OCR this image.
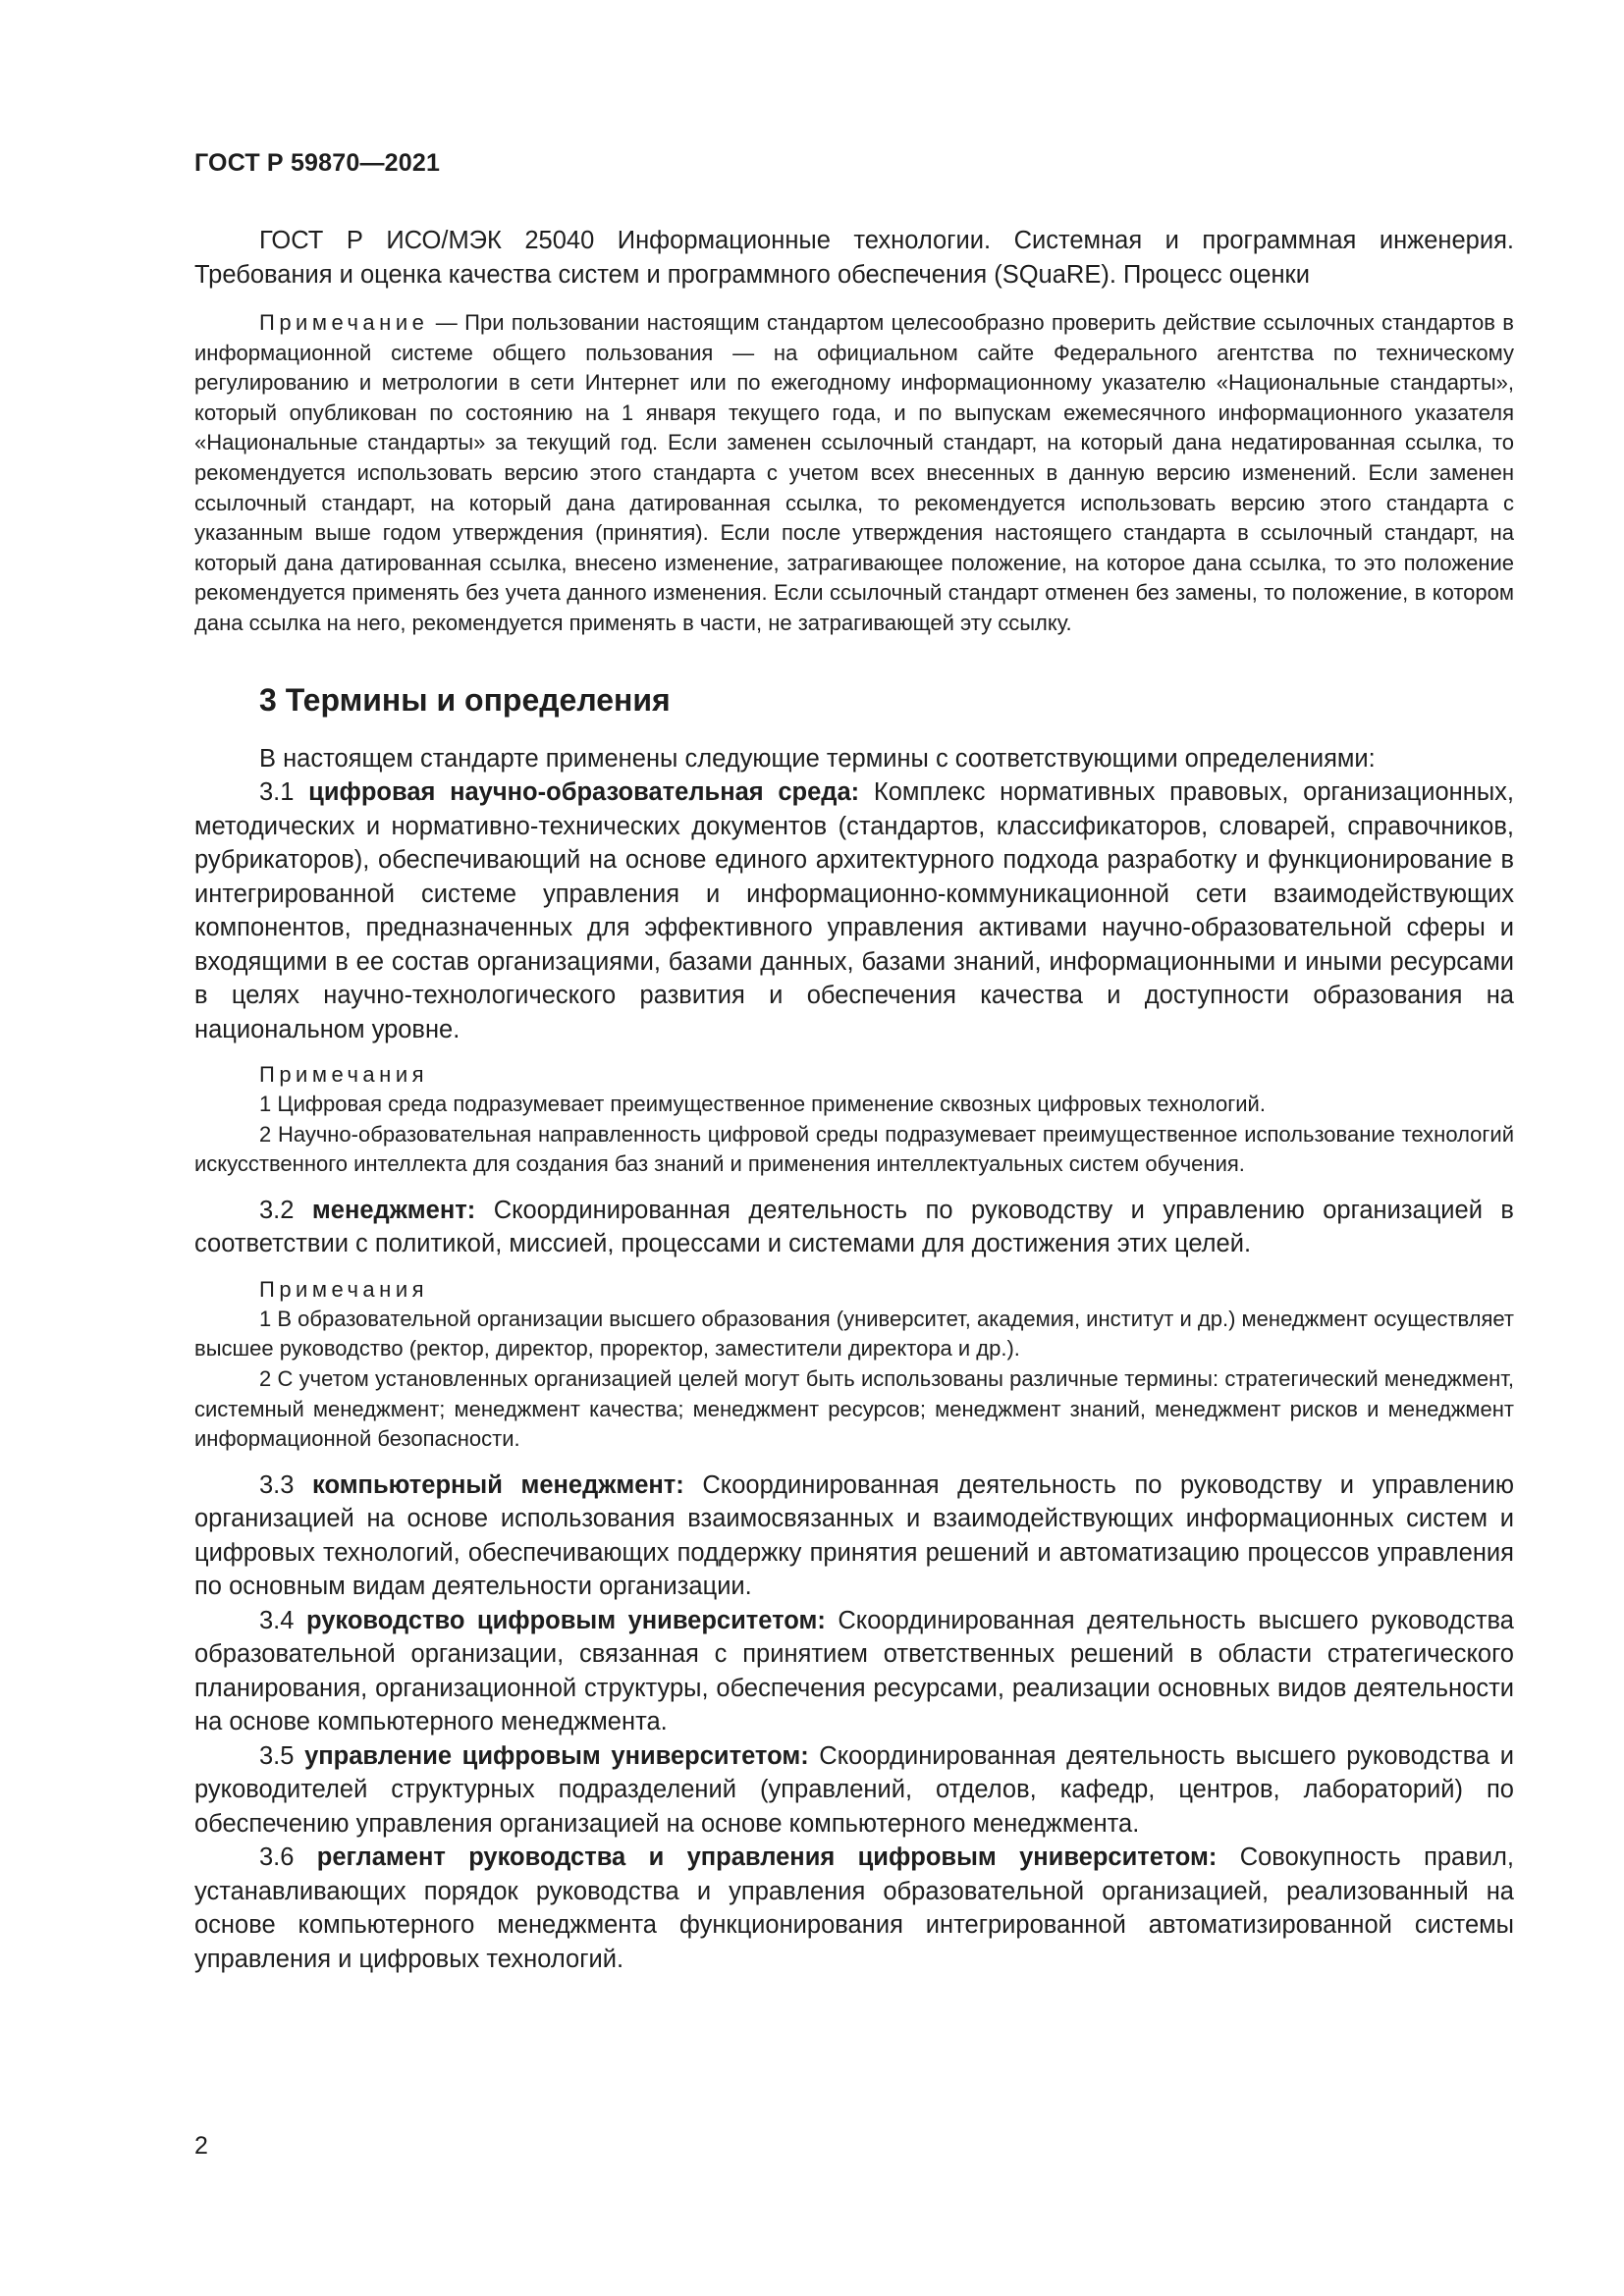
ГОСТ Р 59870—2021

ГОСТ Р ИСО/МЭК 25040 Информационные технологии. Системная и программная инженерия. Требования и оценка качества систем и программного обеспечения (SQuaRE). Процесс оценки

Примечание — При пользовании настоящим стандартом целесообразно проверить действие ссылочных стандартов в информационной системе общего пользования — на официальном сайте Федерального агентства по техническому регулированию и метрологии в сети Интернет или по ежегодному информационному указателю «Национальные стандарты», который опубликован по состоянию на 1 января текущего года, и по выпускам ежемесячного информационного указателя «Национальные стандарты» за текущий год. Если заменен ссылочный стандарт, на который дана недатированная ссылка, то рекомендуется использовать версию этого стандарта с учетом всех внесенных в данную версию изменений. Если заменен ссылочный стандарт, на который дана датированная ссылка, то рекомендуется использовать версию этого стандарта с указанным выше годом утверждения (принятия). Если после утверждения настоящего стандарта в ссылочный стандарт, на который дана датированная ссылка, внесено изменение, затрагивающее положение, на которое дана ссылка, то это положение рекомендуется применять без учета данного изменения. Если ссылочный стандарт отменен без замены, то положение, в котором дана ссылка на него, рекомендуется применять в части, не затрагивающей эту ссылку.

3 Термины и определения

В настоящем стандарте применены следующие термины с соответствующими определениями:

3.1 цифровая научно-образовательная среда: Комплекс нормативных правовых, организационных, методических и нормативно-технических документов (стандартов, классификаторов, словарей, справочников, рубрикаторов), обеспечивающий на основе единого архитектурного подхода разработку и функционирование в интегрированной системе управления и информационно-коммуникационной сети взаимодействующих компонентов, предназначенных для эффективного управления активами научно-образовательной сферы и входящими в ее состав организациями, базами данных, базами знаний, информационными и иными ресурсами в целях научно-технологического развития и обеспечения качества и доступности образования на национальном уровне.

Примечания

1 Цифровая среда подразумевает преимущественное применение сквозных цифровых технологий.

2 Научно-образовательная направленность цифровой среды подразумевает преимущественное использование технологий искусственного интеллекта для создания баз знаний и применения интеллектуальных систем обучения.

3.2 менеджмент: Скоординированная деятельность по руководству и управлению организацией в соответствии с политикой, миссией, процессами и системами для достижения этих целей.

Примечания

1 В образовательной организации высшего образования (университет, академия, институт и др.) менеджмент осуществляет высшее руководство (ректор, директор, проректор, заместители директора и др.).

2 С учетом установленных организацией целей могут быть использованы различные термины: стратегический менеджмент, системный менеджмент; менеджмент качества; менеджмент ресурсов; менеджмент знаний, менеджмент рисков и менеджмент информационной безопасности.

3.3 компьютерный менеджмент: Скоординированная деятельность по руководству и управлению организацией на основе использования взаимосвязанных и взаимодействующих информационных систем и цифровых технологий, обеспечивающих поддержку принятия решений и автоматизацию процессов управления по основным видам деятельности организации.

3.4 руководство цифровым университетом: Скоординированная деятельность высшего руководства образовательной организации, связанная с принятием ответственных решений в области стратегического планирования, организационной структуры, обеспечения ресурсами, реализации основных видов деятельности на основе компьютерного менеджмента.

3.5 управление цифровым университетом: Скоординированная деятельность высшего руководства и руководителей структурных подразделений (управлений, отделов, кафедр, центров, лабораторий) по обеспечению управления организацией на основе компьютерного менеджмента.

3.6 регламент руководства и управления цифровым университетом: Совокупность правил, устанавливающих порядок руководства и управления образовательной организацией, реализованный на основе компьютерного менеджмента функционирования интегрированной автоматизированной системы управления и цифровых технологий.

2
